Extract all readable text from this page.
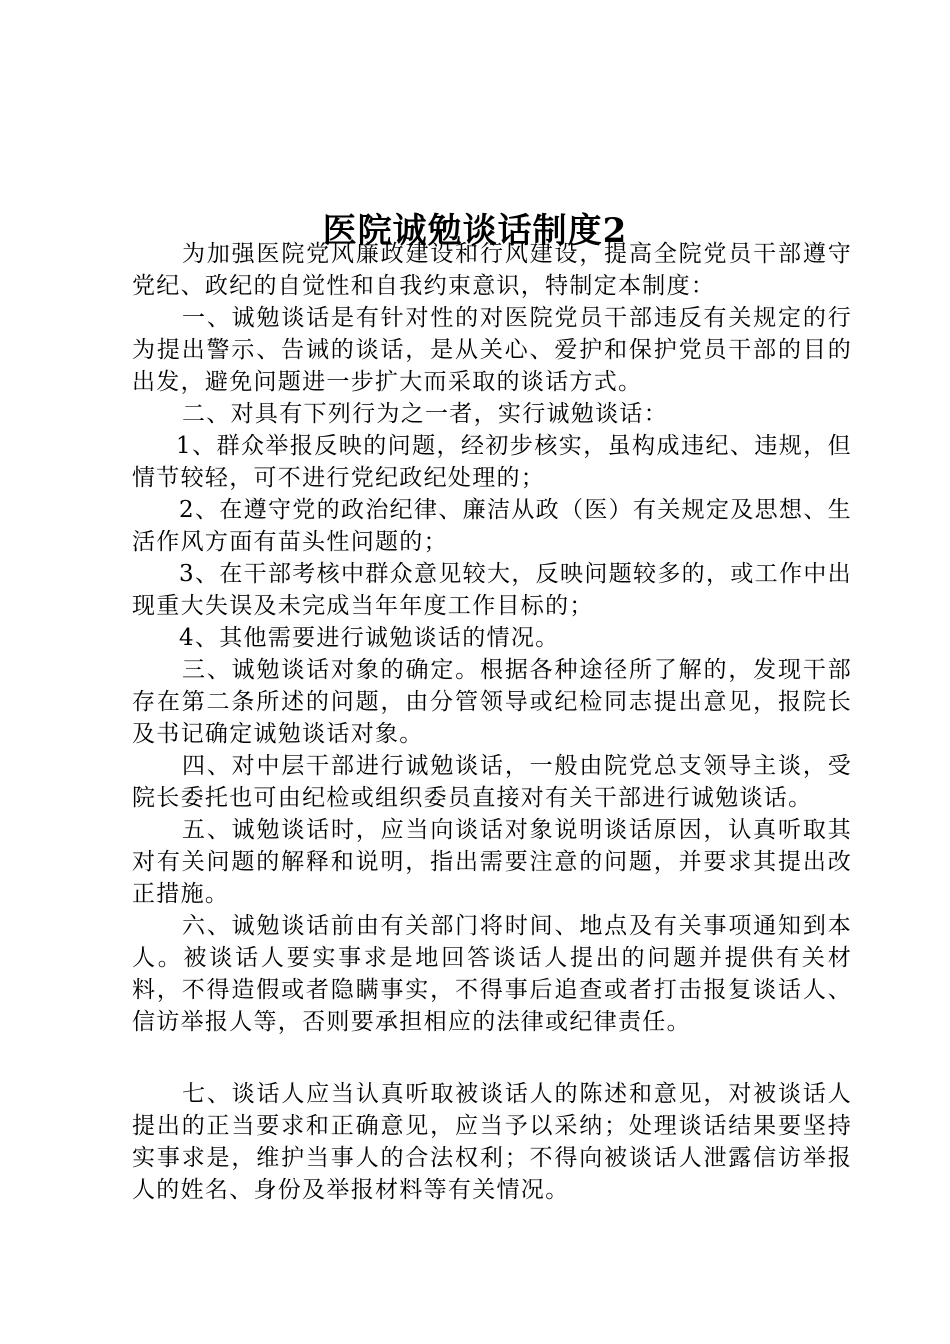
医院诚勉谈话制度2

为加强医院党风廉政建设和行风建设，提高全院党员干部遵守党纪、政纪的自觉性和自我约束意识，特制定本制度：

一、诚勉谈话是有针对性的对医院党员干部违反有关规定的行为提出警示、告诫的谈话，是从关心、爱护和保护党员干部的目的出发，避免问题进一步扩大而采取的谈话方式。

二、对具有下列行为之一者，实行诚勉谈话：

1、群众举报反映的问题，经初步核实，虽构成违纪、违规，但情节较轻，可不进行党纪政纪处理的；

2、在遵守党的政治纪律、廉洁从政（医）有关规定及思想、生活作风方面有苗头性问题的；

3、在干部考核中群众意见较大，反映问题较多的，或工作中出现重大失误及未完成当年年度工作目标的；

4、其他需要进行诚勉谈话的情况。

三、诚勉谈话对象的确定。根据各种途径所了解的，发现干部存在第二条所述的问题，由分管领导或纪检同志提出意见，报院长及书记确定诚勉谈话对象。

四、对中层干部进行诚勉谈话，一般由院党总支领导主谈，受院长委托也可由纪检或组织委员直接对有关干部进行诚勉谈话。

五、诚勉谈话时，应当向谈话对象说明谈话原因，认真听取其对有关问题的解释和说明，指出需要注意的问题，并要求其提出改正措施。

六、诚勉谈话前由有关部门将时间、地点及有关事项通知到本人。被谈话人要实事求是地回答谈话人提出的问题并提供有关材料，不得造假或者隐瞒事实，不得事后追查或者打击报复谈话人、信访举报人等，否则要承担相应的法律或纪律责任。

七、谈话人应当认真听取被谈话人的陈述和意见，对被谈话人提出的正当要求和正确意见，应当予以采纳；处理谈话结果要坚持实事求是，维护当事人的合法权利；不得向被谈话人泄露信访举报人的姓名、身份及举报材料等有关情况。
